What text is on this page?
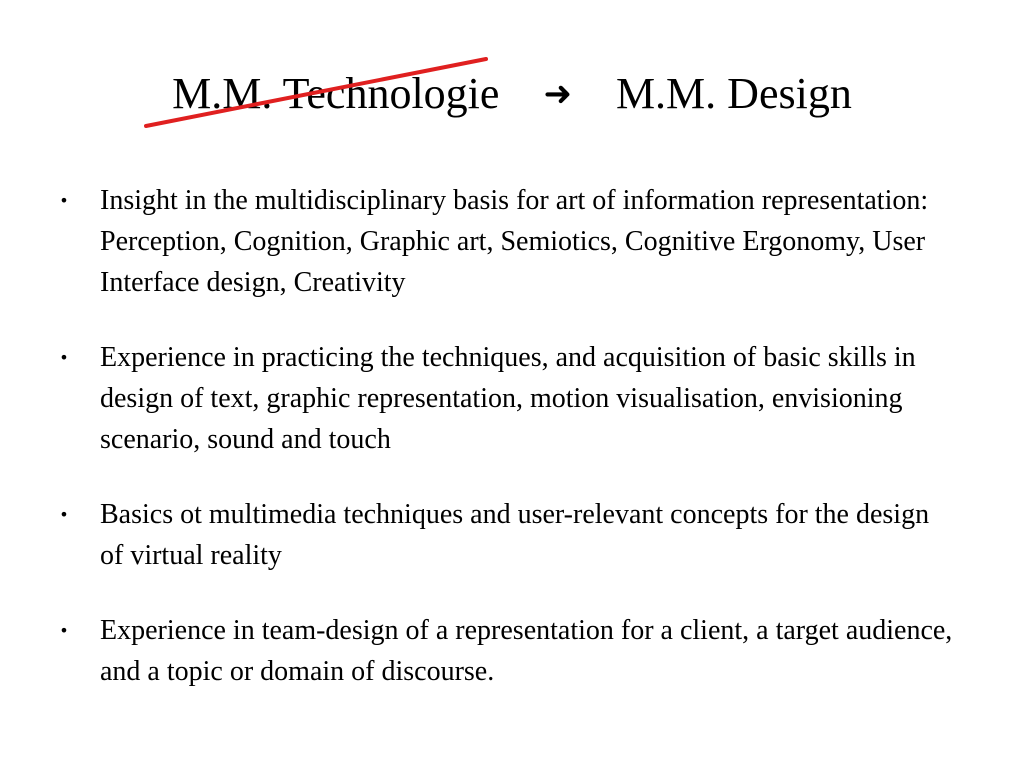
M.M. Technologie ➜ M.M. Design
• Insight in the multidisciplinary basis for art of information representation: Perception, Cognition, Graphic art, Semiotics, Cognitive Ergonomy, User Interface design, Creativity
• Experience in practicing the techniques, and acquisition of basic skills in design of text, graphic representation, motion visualisation, envisioning scenario, sound and touch
• Basics ot multimedia techniques and user-relevant concepts for the design of virtual reality
• Experience in team-design of a representation for a client, a target audience, and a topic or domain of discourse.
